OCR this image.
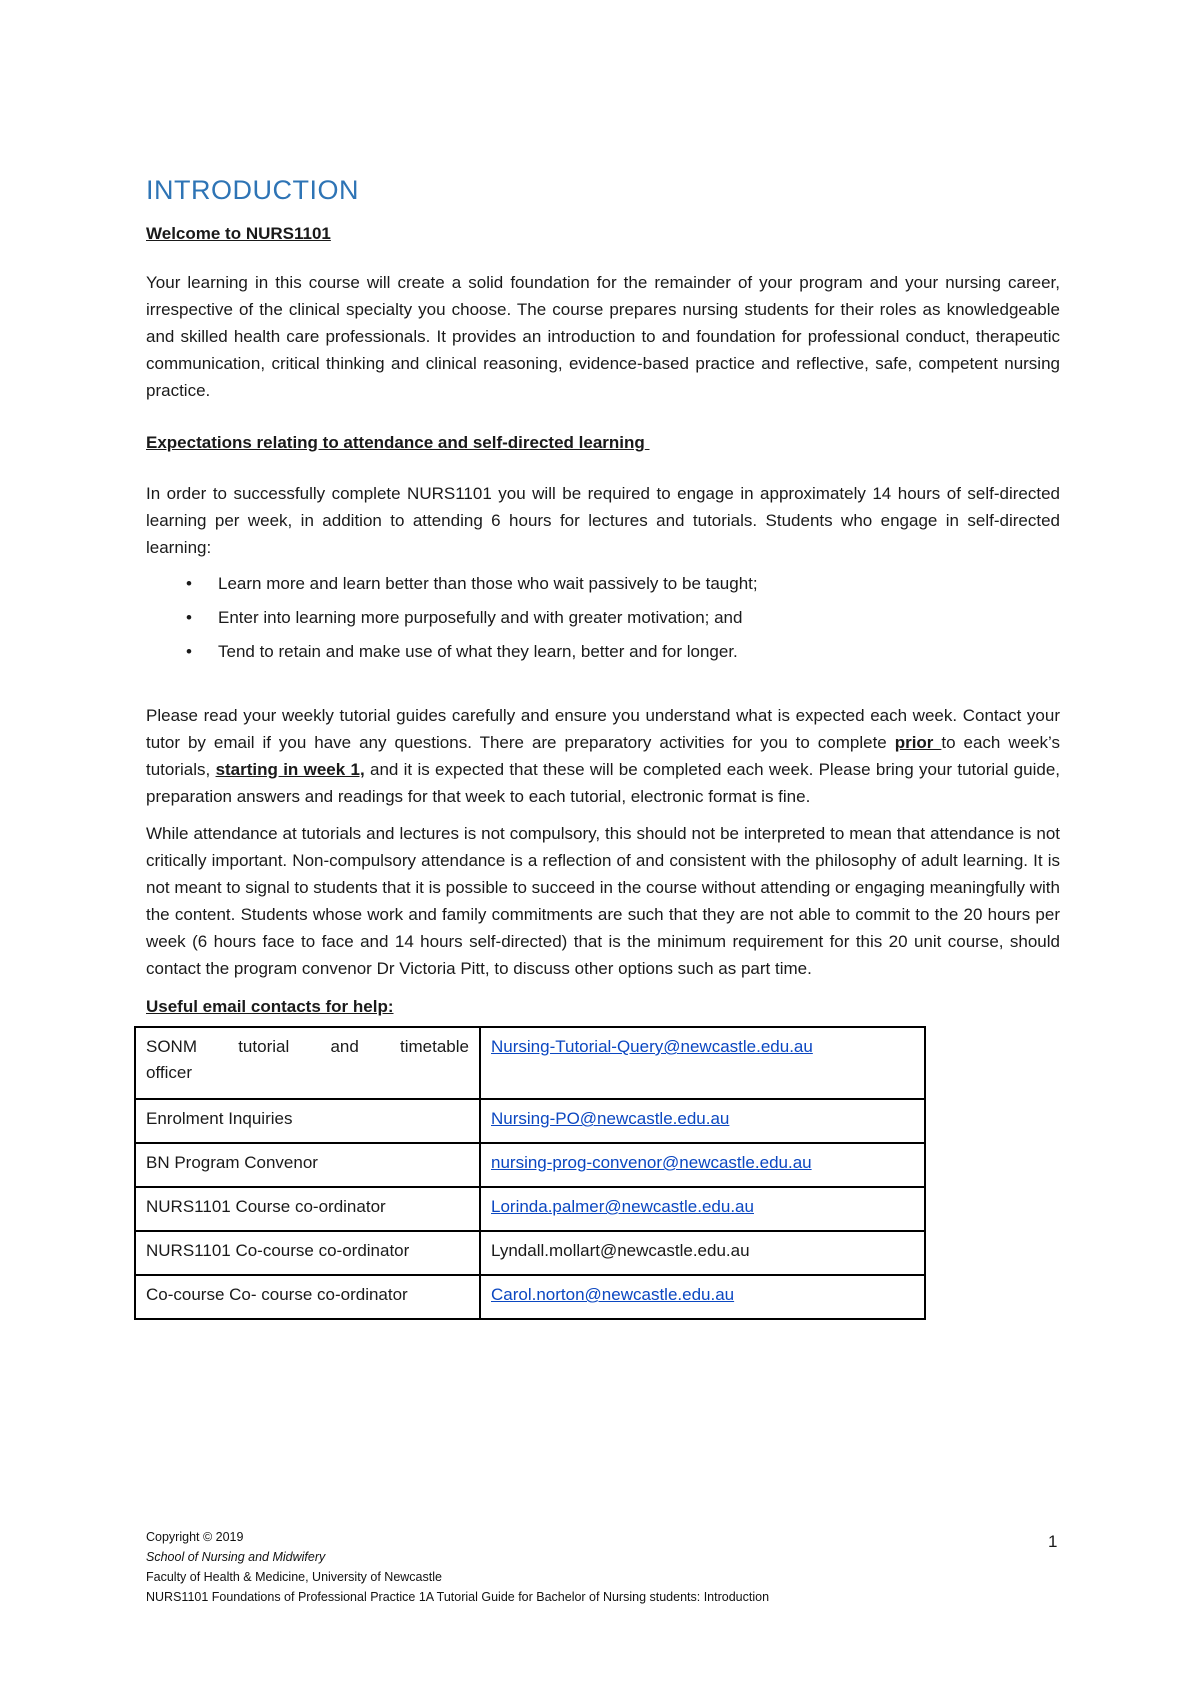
INTRODUCTION

Welcome to NURS1101

Your learning in this course will create a solid foundation for the remainder of your program and your nursing career, irrespective of the clinical specialty you choose. The course prepares nursing students for their roles as knowledgeable and skilled health care professionals. It provides an introduction to and foundation for professional conduct, therapeutic communication, critical thinking and clinical reasoning, evidence-based practice and reflective, safe, competent nursing practice.

Expectations relating to attendance and self-directed learning

In order to successfully complete NURS1101 you will be required to engage in approximately 14 hours of self-directed learning per week, in addition to attending 6 hours for lectures and tutorials. Students who engage in self-directed learning:

• Learn more and learn better than those who wait passively to be taught;
• Enter into learning more purposefully and with greater motivation; and
• Tend to retain and make use of what they learn, better and for longer.

Please read your weekly tutorial guides carefully and ensure you understand what is expected each week. Contact your tutor by email if you have any questions. There are preparatory activities for you to complete prior to each week’s tutorials, starting in week 1, and it is expected that these will be completed each week. Please bring your tutorial guide, preparation answers and readings for that week to each tutorial, electronic format is fine.

While attendance at tutorials and lectures is not compulsory, this should not be interpreted to mean that attendance is not critically important. Non-compulsory attendance is a reflection of and consistent with the philosophy of adult learning. It is not meant to signal to students that it is possible to succeed in the course without attending or engaging meaningfully with the content. Students whose work and family commitments are such that they are not able to commit to the 20 hours per week (6 hours face to face and 14 hours self-directed) that is the minimum requirement for this 20 unit course, should contact the program convenor Dr Victoria Pitt, to discuss other options such as part time.

Useful email contacts for help:

SONM tutorial and timetable officer	Nursing-Tutorial-Query@newcastle.edu.au
Enrolment Inquiries	Nursing-PO@newcastle.edu.au
BN Program Convenor	nursing-prog-convenor@newcastle.edu.au
NURS1101 Course co-ordinator	Lorinda.palmer@newcastle.edu.au
NURS1101 Co-course co-ordinator	Lyndall.mollart@newcastle.edu.au
Co-course Co- course co-ordinator	Carol.norton@newcastle.edu.au
Copyright © 2019
School of Nursing and Midwifery
Faculty of Health & Medicine, University of Newcastle
NURS1101 Foundations of Professional Practice 1A Tutorial Guide for Bachelor of Nursing students: Introduction
1
